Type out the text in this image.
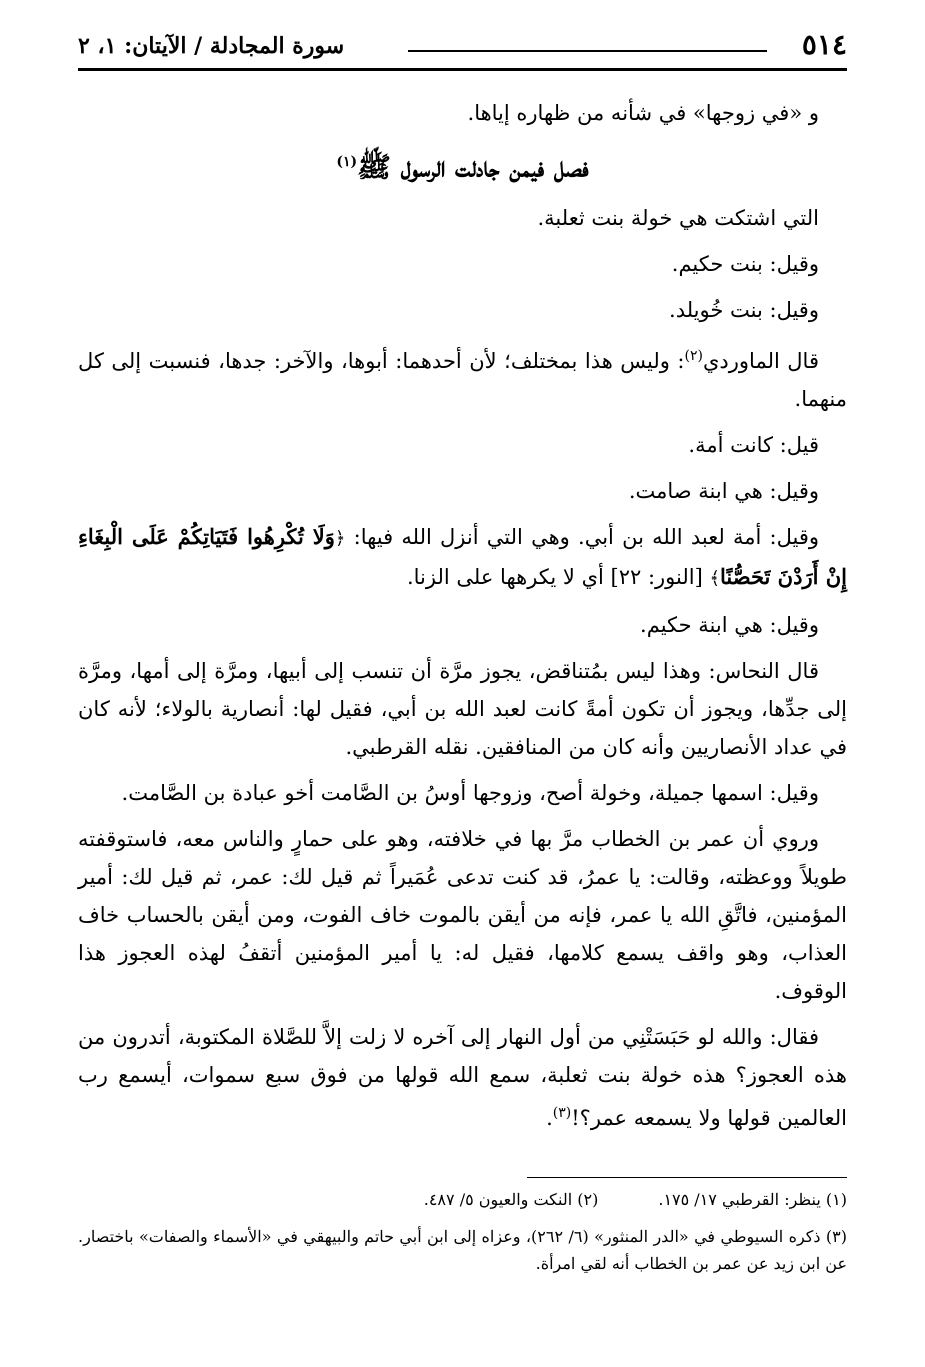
٥١٤
سورة المجادلة / الآيتان: ١، ٢

و «في زوجها» في شأنه من ظهاره إياها.

فصل فيمن جادلت الرسول ﷺ$^{(١)}$

التي اشتكت هي خولة بنت ثعلبة.

وقيل: بنت حكيم.

وقيل: بنت خُويلد.

قال الماوردي$^{(٢)}$: وليس هذا بمختلف؛ لأن أحدهما: أبوها، والآخر: جدها، فنسبت إلى كل منهما.

قيل: كانت أمة.

وقيل: هي ابنة صامت.

وقيل: أمة لعبد الله بن أبي. وهي التي أنزل الله فيها: ﴿وَلَا تُكْرِهُوا فَتَيَاتِكُمْ عَلَى الْبِغَاءِ إِنْ أَرَدْنَ تَحَصُّنًا﴾ [النور: ٢٢] أي لا يكرهها على الزنا.

وقيل: هي ابنة حكيم.

قال النحاس: وهذا ليس بمُتناقض، يجوز مرَّة أن تنسب إلى أبيها، ومرَّة إلى أمها، ومرَّة إلى جدِّها، ويجوز أن تكون أمةً كانت لعبد الله بن أبي، فقيل لها: أنصارية بالولاء؛ لأنه كان في عداد الأنصاريين وأنه كان من المنافقين. نقله القرطبي.

وقيل: اسمها جميلة، وخولة أصح، وزوجها أوسُ بن الصَّامت أخو عبادة بن الصَّامت.

وروي أن عمر بن الخطاب مرَّ بها في خلافته، وهو على حمارٍ والناس معه، فاستوقفته طويلاً ووعظته، وقالت: يا عمرُ، قد كنت تدعى عُمَيراً ثم قيل لك: عمر، ثم قيل لك: أمير المؤمنين، فاتَّقِ الله يا عمر، فإنه من أيقن بالموت خاف الفوت، ومن أيقن بالحساب خاف العذاب، وهو واقف يسمع كلامها، فقيل له: يا أمير المؤمنين أتقفُ لهذه العجوز هذا الوقوف.

فقال: والله لو حَبَسَتْنِي من أول النهار إلى آخره لا زلت إلاَّ للصَّلاة المكتوبة، أتدرون من هذه العجوز؟ هذه خولة بنت ثعلبة، سمع الله قولها من فوق سبع سموات، أيسمع رب العالمين قولها ولا يسمعه عمر؟!$^{(٣)}$.

(١) ينظر: القرطبي ١٧/ ١٧٥.
(٢) النكت والعيون ٥/ ٤٨٧.

(٣) ذكره السيوطي في «الدر المنثور» (٦/ ٢٦٢)، وعزاه إلى ابن أبي حاتم والبيهقي في «الأسماء والصفات» باختصار. عن ابن زيد عن عمر بن الخطاب أنه لقي امرأة.
